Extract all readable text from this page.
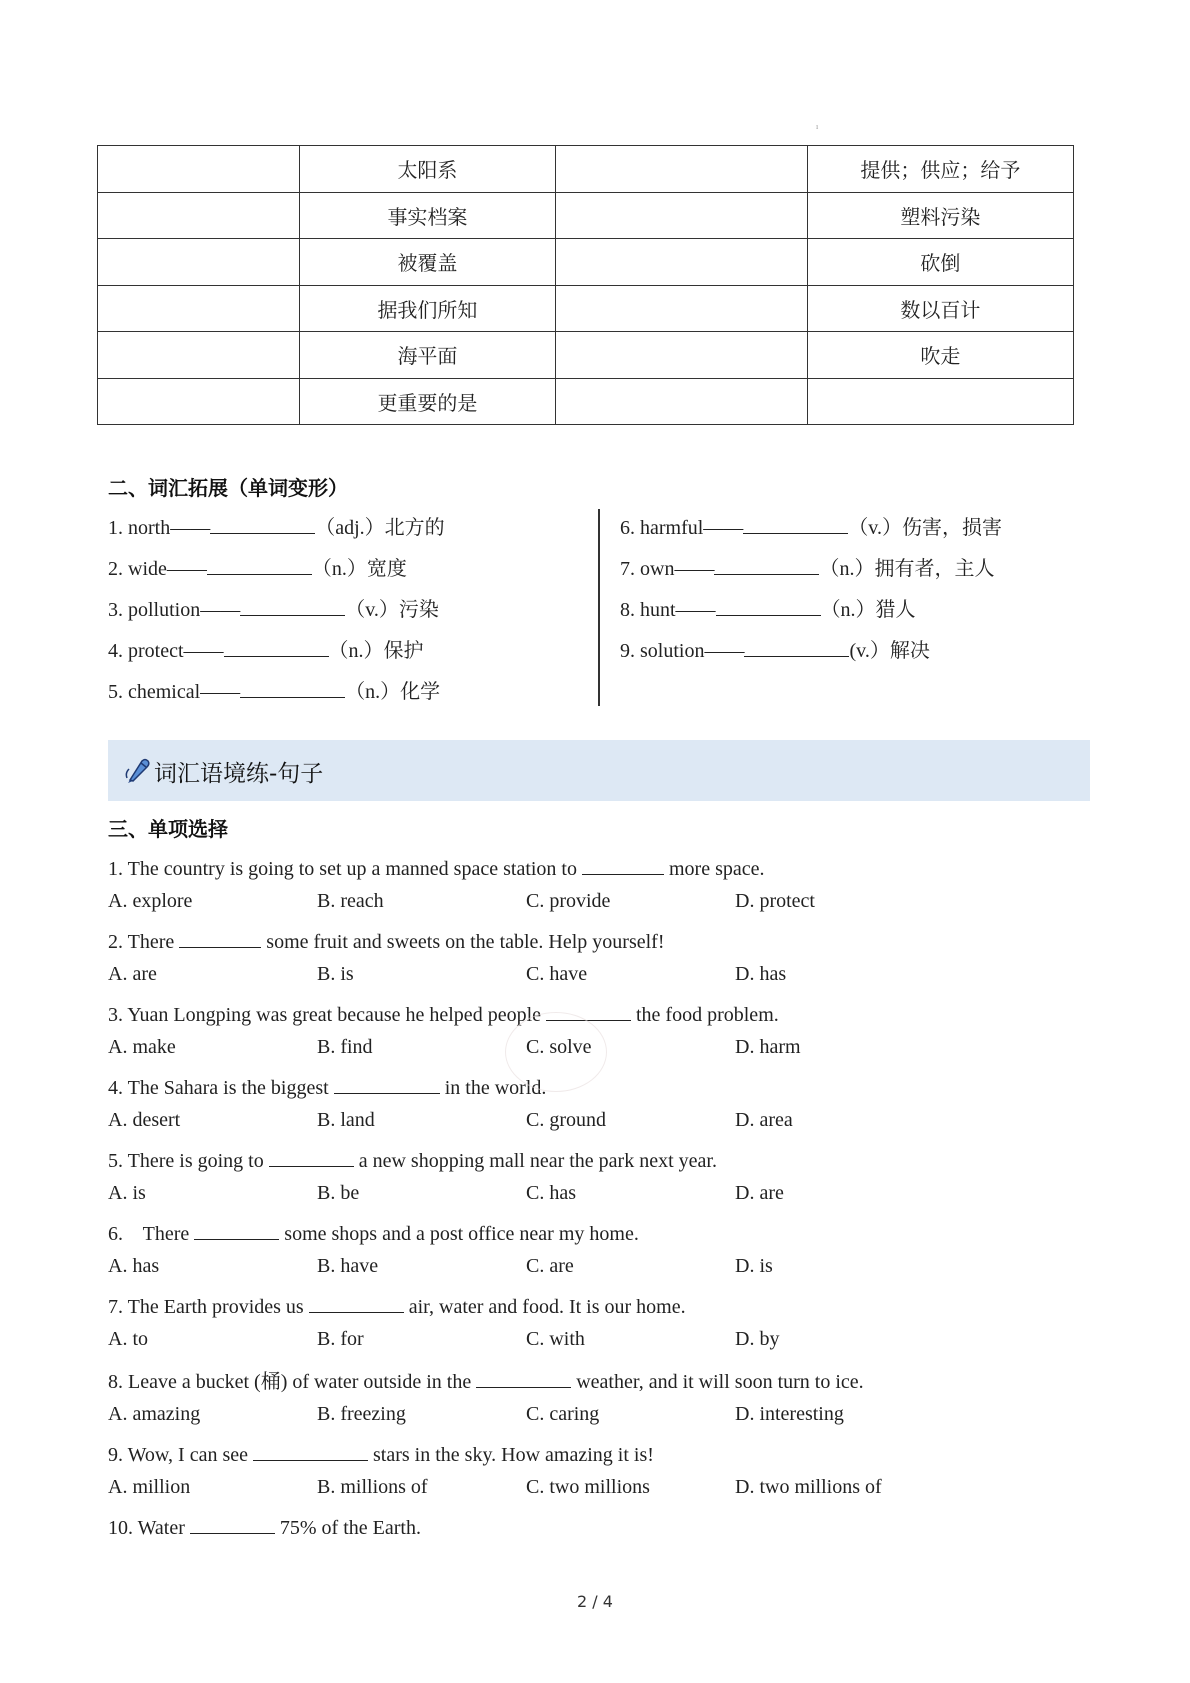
ı
	太阳系		提供；供应；给予
	事实档案		塑料污染
	被覆盖		砍倒
	据我们所知		数以百计
	海平面		吹走
	更重要的是		
二、词汇拓展（单词变形）
1. north——	（adj.）北方的
2. wide——	（n.）宽度
3. pollution——	（v.）污染
4. protect——	（n.）保护
5. chemical——	（n.）化学
6. harmful——	（v.）伤害，损害
7. own——	（n.）拥有者，主人
8. hunt——	（n.）猎人
9. solution——	(v.）解决
词汇语境练-句子
三、单项选择
1. The country is going to set up a manned space station to	more space.
A. explore	B. reach	C. provide	D. protect
2. There	some fruit and sweets on the table. Help yourself!
A. are	B. is	C. have	D. has
3. Yuan Longping was great because he helped people	the food problem.
A. make	B. find	C. solve	D. harm
4. The Sahara is the biggest	in the world.
A. desert	B. land	C. ground	D. area
5. There is going to	a new shopping mall near the park next year.
A. is	B. be	C. has	D. are
6.    There	some shops and a post office near my home.
A. has	B. have	C. are	D. is
7. The Earth provides us	air, water and food. It is our home.
A. to	B. for	C. with	D. by
8. Leave a bucket (桶) of water outside in the	weather, and it will soon turn to ice.
A. amazing	B. freezing	C. caring	D. interesting
9. Wow, I can see	stars in the sky. How amazing it is!
A. million	B. millions of	C. two millions	D. two millions of
10. Water	75% of the Earth.
2 / 4
